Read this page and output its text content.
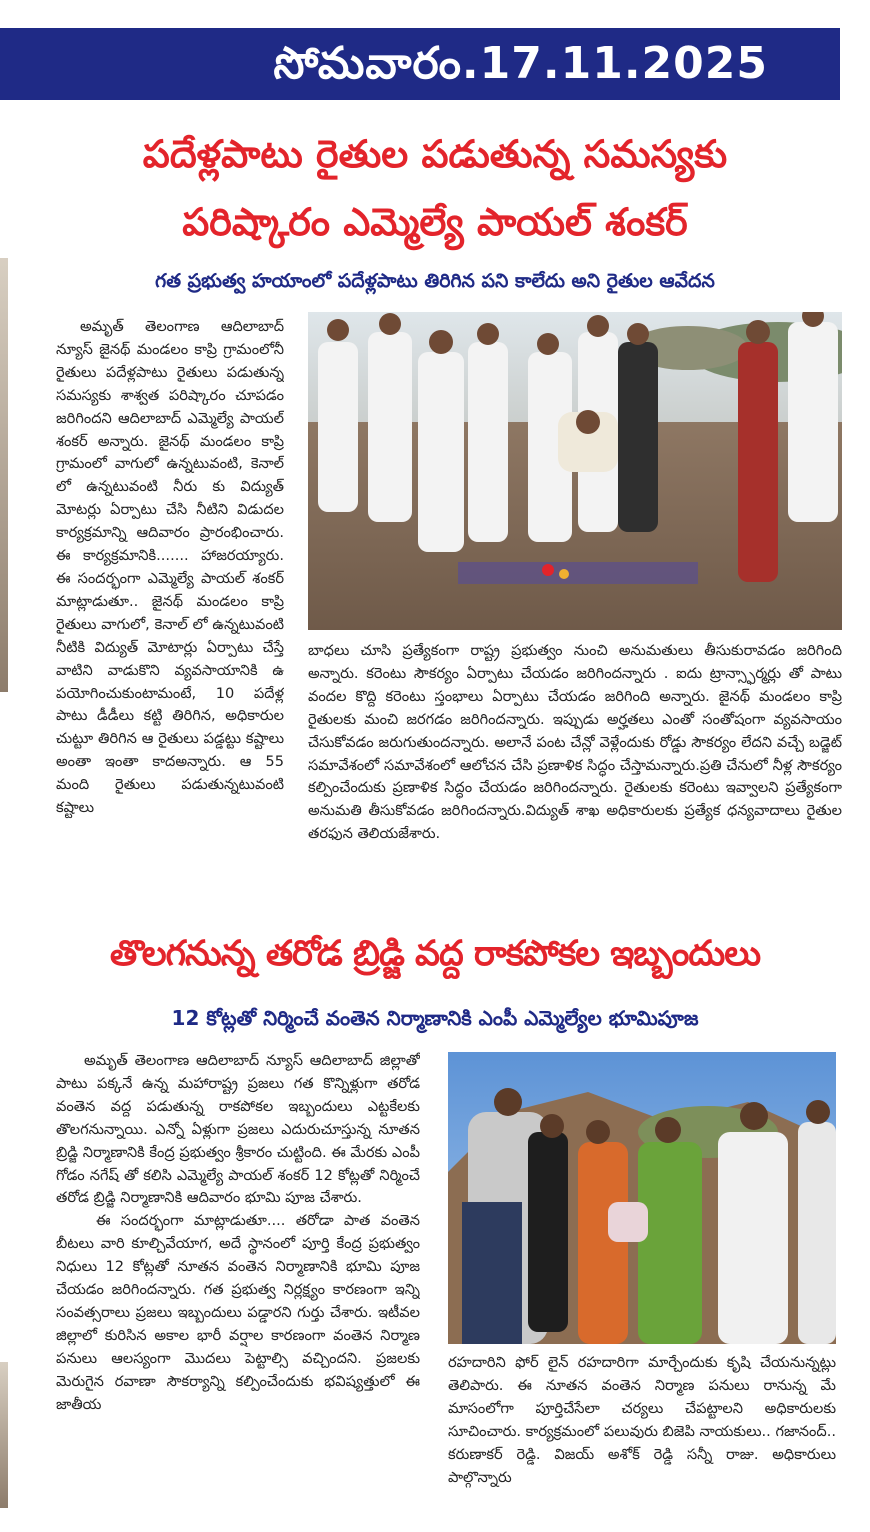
సోమవారం.17.11.2025
పదేళ్లపాటు రైతుల పడుతున్న సమస్యకు
పరిష్కారం ఎమ్మెల్యే పాయల్ శంకర్
గత ప్రభుత్వ హయాంలో పదేళ్లపాటు తిరిగిన పని కాలేదు అని రైతుల ఆవేదన

అమృత్ తెలంగాణ ఆదిలాబాద్ న్యూస్ జైనథ్ మండలం కాప్రి గ్రామంలోనీ రైతులు పదేళ్లపాటు రైతులు పడుతున్న సమస్యకు శాశ్వత పరిష్కారం చూపడం జరిగిందని ఆదిలాబాద్ ఎమ్మెల్యే పాయల్ శంకర్ అన్నారు. జైనథ్ మండలం కాప్రి గ్రామంలో వాగులో ఉన్నటువంటి, కెనాల్ లో ఉన్నటువంటి నీరు కు విద్యుత్ మోటర్లు ఏర్పాటు చేసి నీటిని విడుదల కార్యక్రమాన్ని ఆదివారం ప్రారంభించారు. ఈ కార్యక్రమానికి....... హాజరయ్యారు. ఈ సందర్భంగా ఎమ్మెల్యే పాయల్ శంకర్ మాట్లాడుతూ.. జైనథ్ మండలం కాప్రి రైతులు వాగులో, కెనాల్ లో ఉన్నటువంటి నీటికి విద్యుత్ మోటార్లు ఏర్పాటు చేస్తే వాటిని వాడుకొని వ్యవసాయానికి ఉ పయోగించుకుంటామంటే, 10 పదేళ్ల పాటు డీడీలు కట్టి తిరిగిన, అధికారుల చుట్టూ తిరిగిన ఆ రైతులు పడ్డట్టు కష్టాలు అంతా ఇంతా కాదఅన్నారు. ఆ 55 మంది రైతులు పడుతున్నటువంటి కష్టాలు

బాధలు చూసి ప్రత్యేకంగా రాష్ట్ర ప్రభుత్వం నుంచి అనుమతులు తీసుకురావడం జరిగింది అన్నారు. కరెంటు సౌకర్యం ఏర్పాటు చేయడం జరిగిందన్నారు . ఐదు ట్రాన్స్ఫార్మర్లు తో పాటు వందల కొద్ది కరెంటు స్తంభాలు ఏర్పాటు చేయడం జరిగింది అన్నారు. జైనథ్ మండలం కాప్రి రైతులకు మంచి జరగడం జరిగిందన్నారు. ఇప్పుడు అర్హతలు ఎంతో సంతోషంగా వ్యవసాయం చేసుకోవడం జరుగుతుందన్నారు. అలానే పంట చేన్లో వెళ్లేందుకు రోడ్డు సౌకర్యం లేదని వచ్చే బడ్జెట్ సమావేశంలో సమావేశంలో ఆలోచన చేసి ప్రణాళిక సిద్ధం చేస్తామన్నారు.ప్రతి చేనులో నీళ్ల సౌకర్యం కల్పించేందుకు ప్రణాళిక సిద్ధం చేయడం జరిగిందన్నారు. రైతులకు కరెంటు ఇవ్వాలని ప్రత్యేకంగా అనుమతి తీసుకోవడం జరిగిందన్నారు.విద్యుత్ శాఖ అధికారులకు ప్రత్యేక ధన్యవాదాలు రైతుల తరఫున తెలియజేశారు.

తొలగనున్న తరోడ బ్రిడ్జి వద్ద రాకపోకల ఇబ్బందులు
12 కోట్లతో నిర్మించే వంతెన నిర్మాణానికి ఎంపీ ఎమ్మెల్యేల భూమిపూజ

అమృత్ తెలంగాణ ఆదిలాబాద్ న్యూస్ ఆదిలాబాద్ జిల్లాతో పాటు పక్కనే ఉన్న మహారాష్ట్ర ప్రజలు గత కొన్నిళ్లుగా తరోడ వంతెన వద్ద పడుతున్న రాకపోకల ఇబ్బందులు ఎట్టకేలకు తొలగనున్నాయి. ఎన్నో ఏళ్లుగా ప్రజలు ఎదురుచూస్తున్న నూతన బ్రిడ్జి నిర్మాణానికి కేంద్ర ప్రభుత్వం శ్రీకారం చుట్టింది. ఈ మేరకు ఎంపీ గోడం నగేష్ తో కలిసి ఎమ్మెల్యే పాయల్ శంకర్ 12 కోట్లతో నిర్మించే తరోడ బ్రిడ్జి నిర్మాణానికి ఆదివారం భూమి పూజ చేశారు.

ఈ సందర్భంగా మాట్లాడుతూ.... తరోడా పాత వంతెన బీటలు వారి కూల్చివేయాగ, అదే స్థానంలో పూర్తి కేంద్ర ప్రభుత్వం నిధులు 12 కోట్లతో నూతన వంతెన నిర్మాణానికి భూమి పూజ చేయడం జరిగిందన్నారు. గత ప్రభుత్వ నిర్లక్ష్యం కారణంగా ఇన్ని సంవత్సరాలు ప్రజలు ఇబ్బందులు పడ్డారని గుర్తు చేశారు. ఇటీవల జిల్లాలో కురిసిన అకాల భారీ వర్షాల కారణంగా వంతెన నిర్మాణ పనులు ఆలస్యంగా మొదలు పెట్టాల్సి వచ్చిందని. ప్రజలకు మెరుగైన రవాణా సౌకర్యాన్ని కల్పించేందుకు భవిష్యత్తులో ఈ జాతీయ

రహదారిని ఫోర్ లైన్ రహదారిగా మార్చేందుకు కృషి చేయనున్నట్లు తెలిపారు. ఈ నూతన వంతెన నిర్మాణ పనులు రానున్న మే మాసంలోగా పూర్తిచేసేలా చర్యలు చేపట్టాలని అధికారులకు సూచించారు. కార్యక్రమంలో పలువురు బిజెపి నాయకులు.. గజానంద్.. కరుణాకర్ రెడ్డి. విజయ్ అశోక్ రెడ్డి సన్నీ రాజు. అధికారులు పాల్గొన్నారు
